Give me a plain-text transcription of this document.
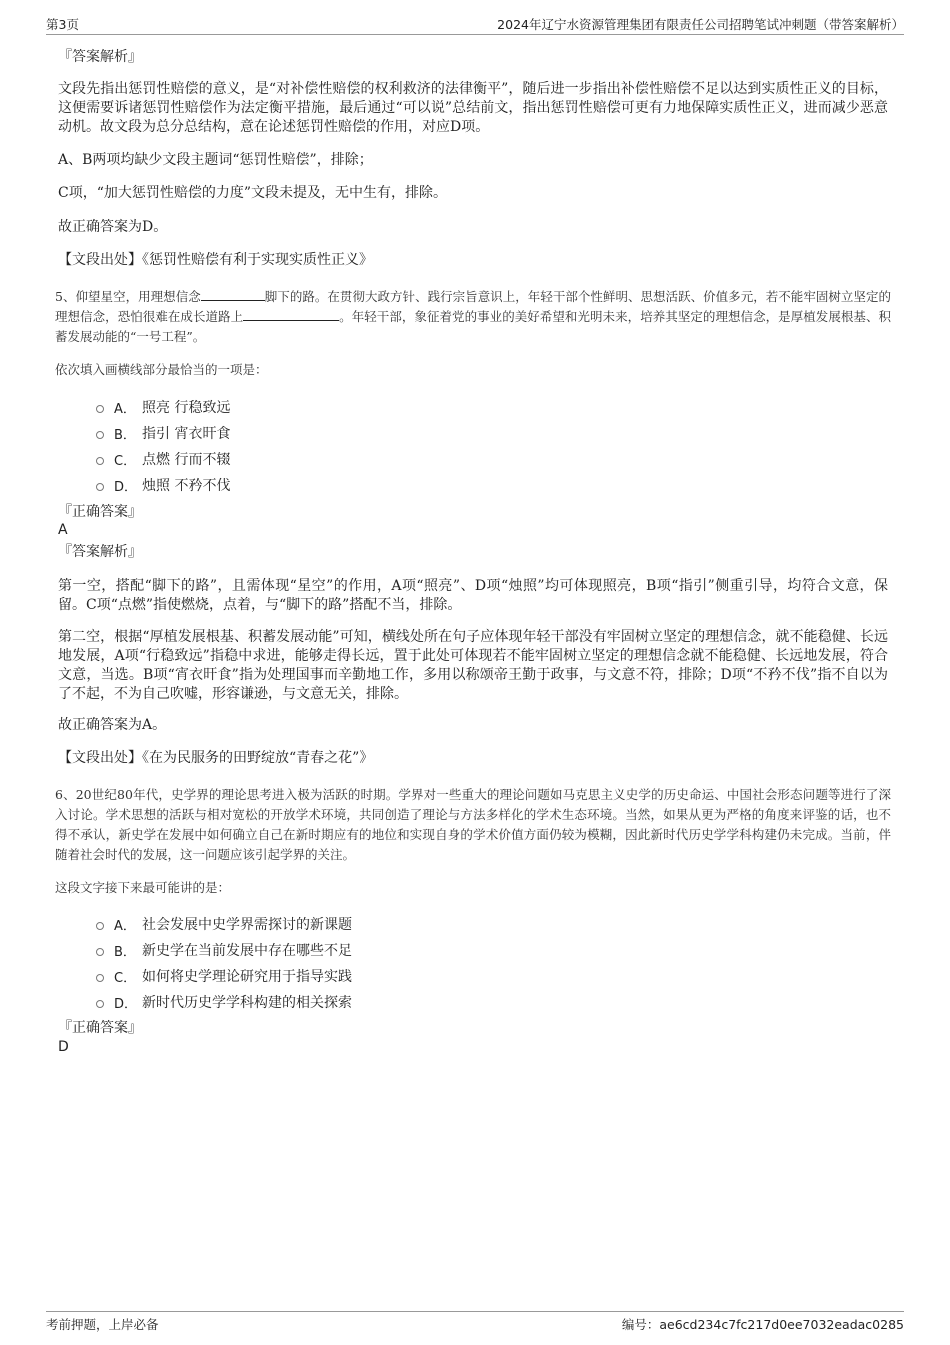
第3页	2024年辽宁水资源管理集团有限责任公司招聘笔试冲刺题（带答案解析）
『答案解析』
文段先指出惩罚性赔偿的意义，是“对补偿性赔偿的权利救济的法律衡平”，随后进一步指出补偿性赔偿不足以达到实质性正义的目标，这便需要诉诸惩罚性赔偿作为法定衡平措施，最后通过“可以说”总结前文，指出惩罚性赔偿可更有力地保障实质性正义，进而减少恶意动机。故文段为总分总结构，意在论述惩罚性赔偿的作用，对应D项。
A、B两项均缺少文段主题词“惩罚性赔偿”，排除；
C项，“加大惩罚性赔偿的力度”文段未提及，无中生有，排除。
故正确答案为D。
【文段出处】《惩罚性赔偿有利于实现实质性正义》
5、仰望星空，用理想信念	脚下的路。在贯彻大政方针、践行宗旨意识上，年轻干部个性鲜明、思想活跃、价值多元，若不能牢固树立坚定的理想信念，恐怕很难在成长道路上	。年轻干部，象征着党的事业的美好希望和光明未来，培养其坚定的理想信念，是厚植发展根基、积蓄发展动能的“一号工程”。
依次填入画横线部分最恰当的一项是：
A． 照亮 行稳致远
B． 指引 宵衣旰食
C． 点燃 行而不辍
D． 烛照 不矜不伐
『正确答案』
A
『答案解析』
第一空，搭配“脚下的路”，且需体现“星空”的作用，A项“照亮”、D项“烛照”均可体现照亮，B项“指引”侧重引导，均符合文意，保留。C项“点燃”指使燃烧，点着，与“脚下的路”搭配不当，排除。
第二空，根据“厚植发展根基、积蓄发展动能”可知，横线处所在句子应体现年轻干部没有牢固树立坚定的理想信念，就不能稳健、长远地发展，A项“行稳致远”指稳中求进，能够走得长远，置于此处可体现若不能牢固树立坚定的理想信念就不能稳健、长远地发展，符合文意，当选。B项“宵衣旰食”指为处理国事而辛勤地工作，多用以称颂帝王勤于政事，与文意不符，排除；D项“不矜不伐”指不自以为了不起，不为自己吹嘘，形容谦逊，与文意无关，排除。
故正确答案为A。
【文段出处】《在为民服务的田野绽放“青春之花”》
6、20世纪80年代，史学界的理论思考进入极为活跃的时期。学界对一些重大的理论问题如马克思主义史学的历史命运、中国社会形态问题等进行了深入讨论。学术思想的活跃与相对宽松的开放学术环境，共同创造了理论与方法多样化的学术生态环境。当然，如果从更为严格的角度来评鉴的话，也不得不承认，新史学在发展中如何确立自己在新时期应有的地位和实现自身的学术价值方面仍较为模糊，因此新时代历史学学科构建仍未完成。当前，伴随着社会时代的发展，这一问题应该引起学界的关注。
这段文字接下来最可能讲的是：
A． 社会发展中史学界需探讨的新课题
B． 新史学在当前发展中存在哪些不足
C． 如何将史学理论研究用于指导实践
D． 新时代历史学学科构建的相关探索
『正确答案』
D
考前押题，上岸必备	编号：ae6cd234c7fc217d0ee7032eadac0285
